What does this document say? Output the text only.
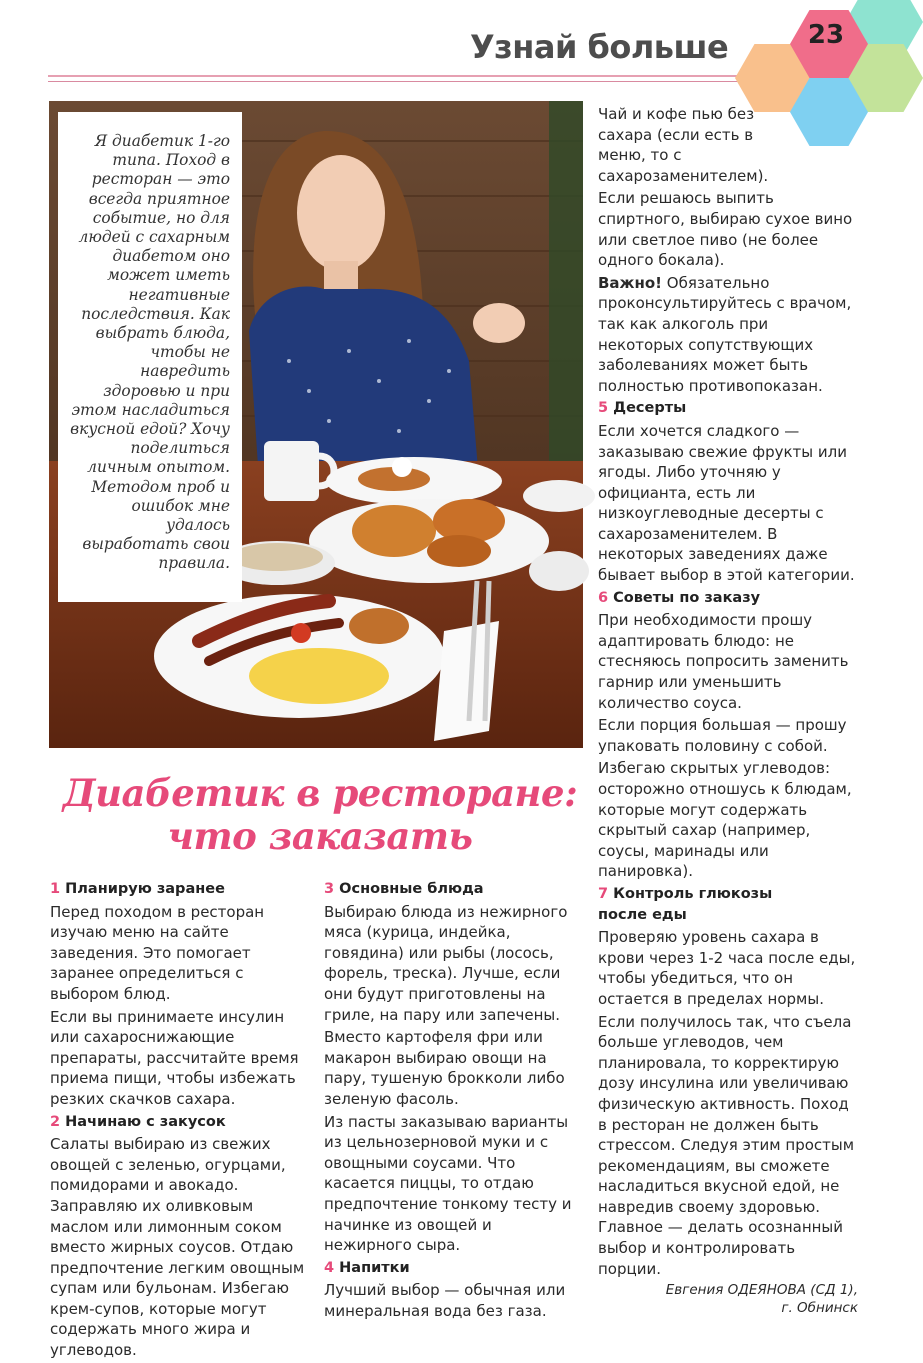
Узнай больше	23

Я диабетик 1-го типа. Поход в ресторан — это всегда приятное событие, но для людей с сахарным диабетом оно может иметь негативные последствия. Как выбрать блюда, чтобы не навредить здоровью и при этом насладиться вкусной едой? Хочу поделиться личным опытом. Методом проб и ошибок мне удалось выработать свои правила.

Диабетик в ресторане:
что заказать

1 Планирую заранее

Перед походом в ресторан изучаю меню на сайте заведения. Это помогает заранее определиться с выбором блюд.

Если вы принимаете инсулин или сахароснижающие препараты, рассчитайте время приема пищи, чтобы избежать резких скачков сахара.

2 Начинаю с закусок

Салаты выбираю из свежих овощей с зеленью, огурцами, помидорами и авокадо. Заправляю их оливковым маслом или лимонным соком вместо жирных соусов. Отдаю предпочтение легким овощным супам или бульонам. Избегаю крем-супов, которые могут содержать много жира и углеводов.

3 Основные блюда

Выбираю блюда из нежирного мяса (курица, индейка, говядина) или рыбы (лосось, форель, треска). Лучше, если они будут приготовлены на гриле, на пару или запечены.

Вместо картофеля фри или макарон выбираю овощи на пару, тушеную брокколи либо зеленую фасоль.

Из пасты заказываю варианты из цельнозерновой муки и с овощными соусами. Что касается пиццы, то отдаю предпочтение тонкому тесту и начинке из овощей и нежирного сыра.

4 Напитки

Лучший выбор — обычная или минеральная вода без газа.

Чай и кофе пью без сахара (если есть в меню, то с сахарозаменителем).

Если решаюсь выпить спиртного, выбираю сухое вино или светлое пиво (не более одного бокала).

Важно! Обязательно проконсультируйтесь с врачом, так как алкоголь при некоторых сопутствующих заболеваниях может быть полностью противопоказан.

5 Десерты

Если хочется сладкого — заказываю свежие фрукты или ягоды. Либо уточняю у официанта, есть ли низкоуглеводные десерты с сахарозаменителем. В некоторых заведениях даже бывает выбор в этой категории.

6 Советы по заказу

При необходимости прошу адаптировать блюдо: не стесняюсь попросить заменить гарнир или уменьшить количество соуса.

Если порция большая — прошу упаковать половину с собой.

Избегаю скрытых углеводов: осторожно отношусь к блюдам, которые могут содержать скрытый сахар (например, соусы, маринады или панировка).

7 Контроль глюкозы
после еды

Проверяю уровень сахара в крови через 1-2 часа после еды, чтобы убедиться, что он остается в пределах нормы.

Если получилось так, что съела больше углеводов, чем планировала, то корректирую дозу инсулина или увеличиваю физическую активность. Поход в ресторан не должен быть стрессом. Следуя этим простым рекомендациям, вы сможете насладиться вкусной едой, не навредив своему здоровью. Главное — делать осознанный выбор и контролировать порции.

Евгения ОДЕЯНОВА (СД 1),
г. Обнинск
